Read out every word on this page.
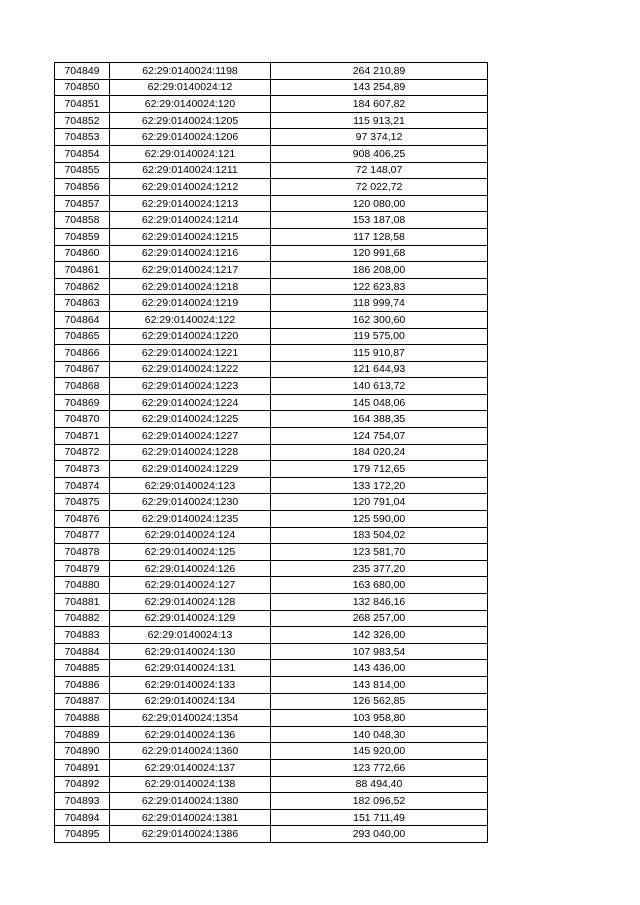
704849	62:29:0140024:1198	264 210,89
704850	62:29:0140024:12	143 254,89
704851	62:29:0140024:120	184 607,82
704852	62:29:0140024:1205	115 913,21
704853	62:29:0140024:1206	97 374,12
704854	62:29:0140024:121	908 406,25
704855	62:29:0140024:1211	72 148,07
704856	62:29:0140024:1212	72 022,72
704857	62:29:0140024:1213	120 080,00
704858	62:29:0140024:1214	153 187,08
704859	62:29:0140024:1215	117 128,58
704860	62:29:0140024:1216	120 991,68
704861	62:29:0140024:1217	186 208,00
704862	62:29:0140024:1218	122 623,83
704863	62:29:0140024:1219	118 999,74
704864	62:29:0140024:122	162 300,60
704865	62:29:0140024:1220	119 575,00
704866	62:29:0140024:1221	115 910,87
704867	62:29:0140024:1222	121 644,93
704868	62:29:0140024:1223	140 613,72
704869	62:29:0140024:1224	145 048,06
704870	62:29:0140024:1225	164 388,35
704871	62:29:0140024:1227	124 754,07
704872	62:29:0140024:1228	184 020,24
704873	62:29:0140024:1229	179 712,65
704874	62:29:0140024:123	133 172,20
704875	62:29:0140024:1230	120 791,04
704876	62:29:0140024:1235	125 590,00
704877	62:29:0140024:124	183 504,02
704878	62:29:0140024:125	123 581,70
704879	62:29:0140024:126	235 377,20
704880	62:29:0140024:127	163 680,00
704881	62:29:0140024:128	132 846,16
704882	62:29:0140024:129	268 257,00
704883	62:29:0140024:13	142 326,00
704884	62:29:0140024:130	107 983,54
704885	62:29:0140024:131	143 436,00
704886	62:29:0140024:133	143 814,00
704887	62:29:0140024:134	126 562,85
704888	62:29:0140024:1354	103 958,80
704889	62:29:0140024:136	140 048,30
704890	62:29:0140024:1360	145 920,00
704891	62:29:0140024:137	123 772,66
704892	62:29:0140024:138	88 494,40
704893	62:29:0140024:1380	182 096,52
704894	62:29:0140024:1381	151 711,49
704895	62:29:0140024:1386	293 040,00
